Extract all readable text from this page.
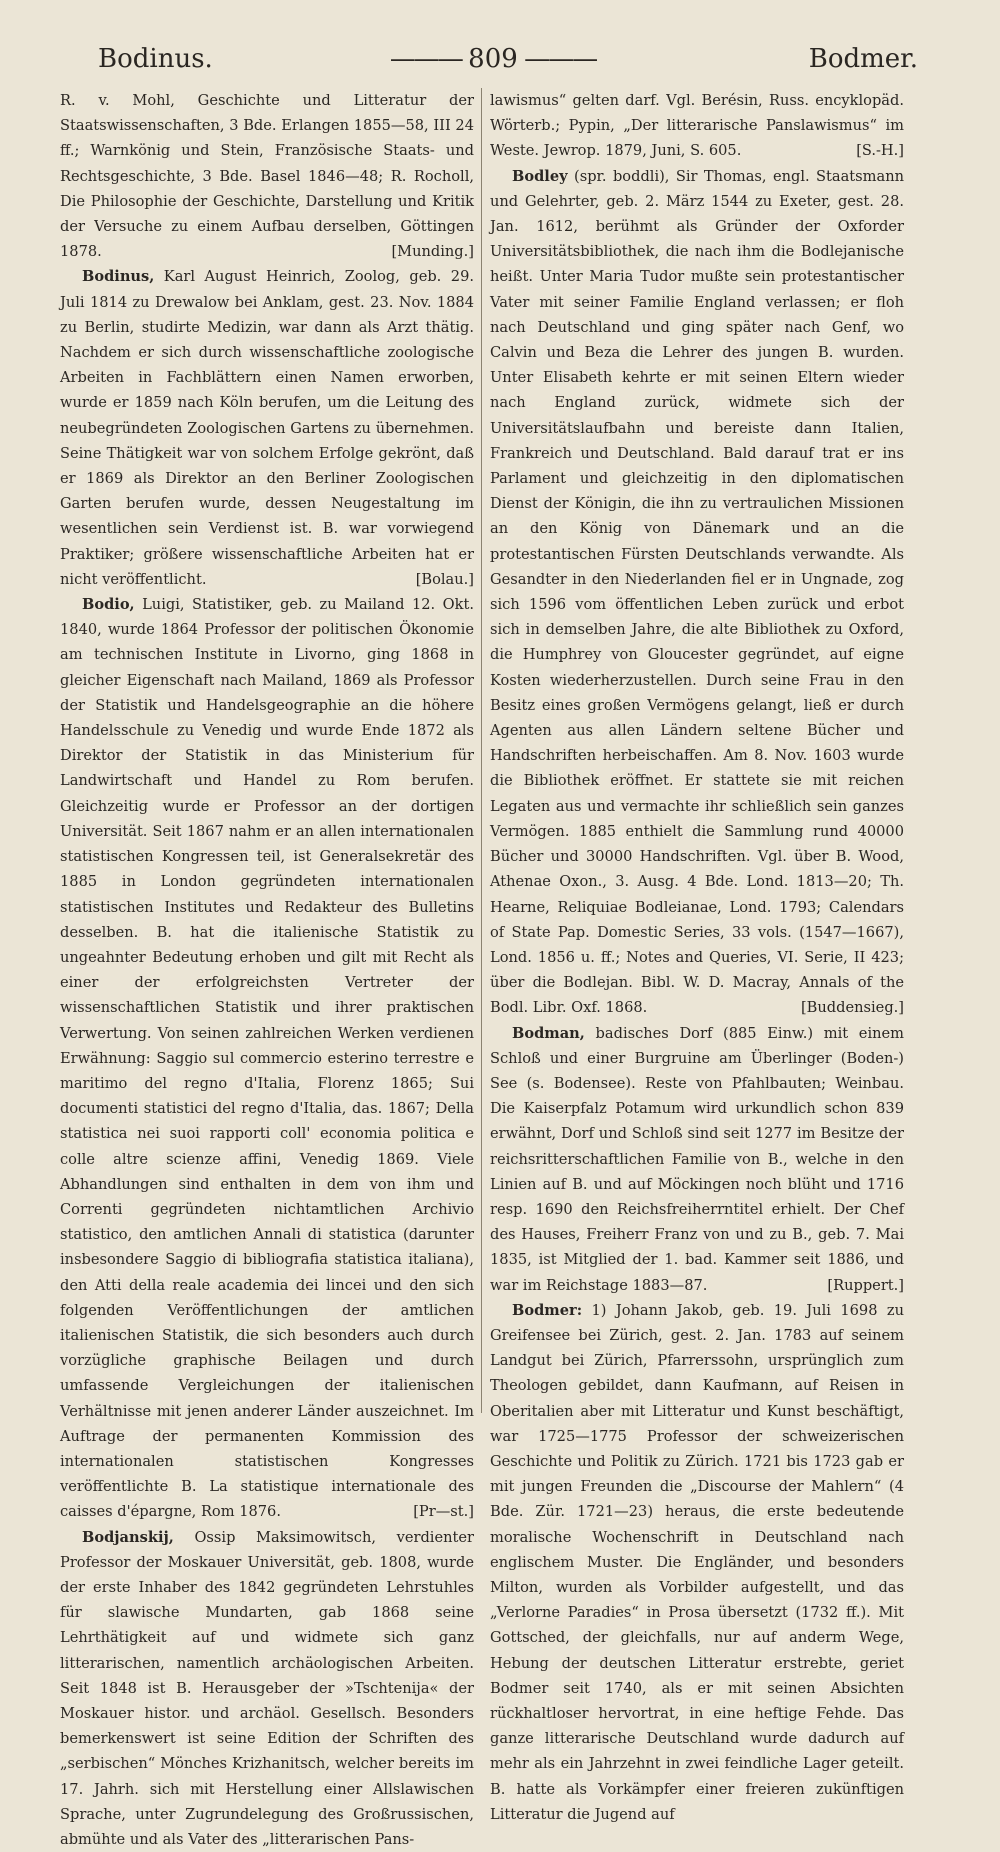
Bodinus.	——— 809 ———	Bodmer.

R. v. Mohl, Geschichte und Litteratur der Staatswissenschaften, 3 Bde. Erlangen 1855—58, III 24 ff.; Warnkönig und Stein, Französische Staats- und Rechtsgeschichte, 3 Bde. Basel 1846—48; R. Rocholl, Die Philosophie der Geschichte, Darstellung und Kritik der Versuche zu einem Aufbau derselben, Göttingen 1878.	[Munding.]

Bodinus, Karl August Heinrich, Zoolog, geb. 29. Juli 1814 zu Drewalow bei Anklam, gest. 23. Nov. 1884 zu Berlin, studirte Medizin, war dann als Arzt thätig. Nachdem er sich durch wissenschaftliche zoologische Arbeiten in Fachblättern einen Namen erworben, wurde er 1859 nach Köln berufen, um die Leitung des neubegründeten Zoologischen Gartens zu übernehmen. Seine Thätigkeit war von solchem Erfolge gekrönt, daß er 1869 als Direktor an den Berliner Zoologischen Garten berufen wurde, dessen Neugestaltung im wesentlichen sein Verdienst ist. B. war vorwiegend Praktiker; größere wissenschaftliche Arbeiten hat er nicht veröffentlicht.	[Bolau.]

Bodio, Luigi, Statistiker, geb. zu Mailand 12. Okt. 1840, wurde 1864 Professor der politischen Ökonomie am technischen Institute in Livorno, ging 1868 in gleicher Eigenschaft nach Mailand, 1869 als Professor der Statistik und Handelsgeographie an die höhere Handelsschule zu Venedig und wurde Ende 1872 als Direktor der Statistik in das Ministerium für Landwirtschaft und Handel zu Rom berufen. Gleichzeitig wurde er Professor an der dortigen Universität. Seit 1867 nahm er an allen internationalen statistischen Kongressen teil, ist Generalsekretär des 1885 in London gegründeten internationalen statistischen Institutes und Redakteur des Bulletins desselben. B. hat die italienische Statistik zu ungeahnter Bedeutung erhoben und gilt mit Recht als einer der erfolgreichsten Vertreter der wissenschaftlichen Statistik und ihrer praktischen Verwertung. Von seinen zahlreichen Werken verdienen Erwähnung: Saggio sul commercio esterino terrestre e maritimo del regno d'Italia, Florenz 1865; Sui documenti statistici del regno d'Italia, das. 1867; Della statistica nei suoi rapporti coll' economia politica e colle altre scienze affini, Venedig 1869. Viele Abhandlungen sind enthalten in dem von ihm und Correnti gegründeten nichtamtlichen Archivio statistico, den amtlichen Annali di statistica (darunter insbesondere Saggio di bibliografia statistica italiana), den Atti della reale academia dei lincei und den sich folgenden Veröffentlichungen der amtlichen italienischen Statistik, die sich besonders auch durch vorzügliche graphische Beilagen und durch umfassende Vergleichungen der italienischen Verhältnisse mit jenen anderer Länder auszeichnet. Im Auftrage der permanenten Kommission des internationalen statistischen Kongresses veröffentlichte B. La statistique internationale des caisses d'épargne, Rom 1876.	[Pr—st.]

Bodjanskij, Ossip Maksimowitsch, verdienter Professor der Moskauer Universität, geb. 1808, wurde der erste Inhaber des 1842 gegründeten Lehrstuhles für slawische Mundarten, gab 1868 seine Lehrthätigkeit auf und widmete sich ganz litterarischen, namentlich archäologischen Arbeiten. Seit 1848 ist B. Herausgeber der »Tschtenija« der Moskauer histor. und archäol. Gesellsch. Besonders bemerkenswert ist seine Edition der Schriften des „serbischen“ Mönches Krizhanitsch, welcher bereits im 17. Jahrh. sich mit Herstellung einer Allslawischen Sprache, unter Zugrundelegung des Großrussischen, abmühte und als Vater des „litterarischen Pans-

lawismus“ gelten darf. Vgl. Berésin, Russ. encyklopäd. Wörterb.; Pypin, „Der litterarische Panslawismus“ im Weste. Jewrop. 1879, Juni, S. 605.	[S.-H.]

Bodley (spr. boddli), Sir Thomas, engl. Staatsmann und Gelehrter, geb. 2. März 1544 zu Exeter, gest. 28. Jan. 1612, berühmt als Gründer der Oxforder Universitätsbibliothek, die nach ihm die Bodlejanische heißt. Unter Maria Tudor mußte sein protestantischer Vater mit seiner Familie England verlassen; er floh nach Deutschland und ging später nach Genf, wo Calvin und Beza die Lehrer des jungen B. wurden. Unter Elisabeth kehrte er mit seinen Eltern wieder nach England zurück, widmete sich der Universitätslaufbahn und bereiste dann Italien, Frankreich und Deutschland. Bald darauf trat er ins Parlament und gleichzeitig in den diplomatischen Dienst der Königin, die ihn zu vertraulichen Missionen an den König von Dänemark und an die protestantischen Fürsten Deutschlands verwandte. Als Gesandter in den Niederlanden fiel er in Ungnade, zog sich 1596 vom öffentlichen Leben zurück und erbot sich in demselben Jahre, die alte Bibliothek zu Oxford, die Humphrey von Gloucester gegründet, auf eigne Kosten wiederherzustellen. Durch seine Frau in den Besitz eines großen Vermögens gelangt, ließ er durch Agenten aus allen Ländern seltene Bücher und Handschriften herbeischaffen. Am 8. Nov. 1603 wurde die Bibliothek eröffnet. Er stattete sie mit reichen Legaten aus und vermachte ihr schließlich sein ganzes Vermögen. 1885 enthielt die Sammlung rund 40000 Bücher und 30000 Handschriften. Vgl. über B. Wood, Athenae Oxon., 3. Ausg. 4 Bde. Lond. 1813—20; Th. Hearne, Reliquiae Bodleianae, Lond. 1793; Calendars of State Pap. Domestic Series, 33 vols. (1547—1667), Lond. 1856 u. ff.; Notes and Queries, VI. Serie, II 423; über die Bodlejan. Bibl. W. D. Macray, Annals of the Bodl. Libr. Oxf. 1868.	[Buddensieg.]

Bodman, badisches Dorf (885 Einw.) mit einem Schloß und einer Burgruine am Überlinger (Boden-) See (s. Bodensee). Reste von Pfahlbauten; Weinbau. Die Kaiserpfalz Potamum wird urkundlich schon 839 erwähnt, Dorf und Schloß sind seit 1277 im Besitze der reichsritterschaftlichen Familie von B., welche in den Linien auf B. und auf Möckingen noch blüht und 1716 resp. 1690 den Reichsfreiherrntitel erhielt. Der Chef des Hauses, Freiherr Franz von und zu B., geb. 7. Mai 1835, ist Mitglied der 1. bad. Kammer seit 1886, und war im Reichstage 1883—87.	[Ruppert.]

Bodmer: 1) Johann Jakob, geb. 19. Juli 1698 zu Greifensee bei Zürich, gest. 2. Jan. 1783 auf seinem Landgut bei Zürich, Pfarrerssohn, ursprünglich zum Theologen gebildet, dann Kaufmann, auf Reisen in Oberitalien aber mit Litteratur und Kunst beschäftigt, war 1725—1775 Professor der schweizerischen Geschichte und Politik zu Zürich. 1721 bis 1723 gab er mit jungen Freunden die „Discourse der Mahlern“ (4 Bde. Zür. 1721—23) heraus, die erste bedeutende moralische Wochenschrift in Deutschland nach englischem Muster. Die Engländer, und besonders Milton, wurden als Vorbilder aufgestellt, und das „Verlorne Paradies“ in Prosa übersetzt (1732 ff.). Mit Gottsched, der gleichfalls, nur auf anderm Wege, Hebung der deutschen Litteratur erstrebte, geriet Bodmer seit 1740, als er mit seinen Absichten rückhaltloser hervortrat, in eine heftige Fehde. Das ganze litterarische Deutschland wurde dadurch auf mehr als ein Jahrzehnt in zwei feindliche Lager geteilt. B. hatte als Vorkämpfer einer freieren zukünftigen Litteratur die Jugend auf
